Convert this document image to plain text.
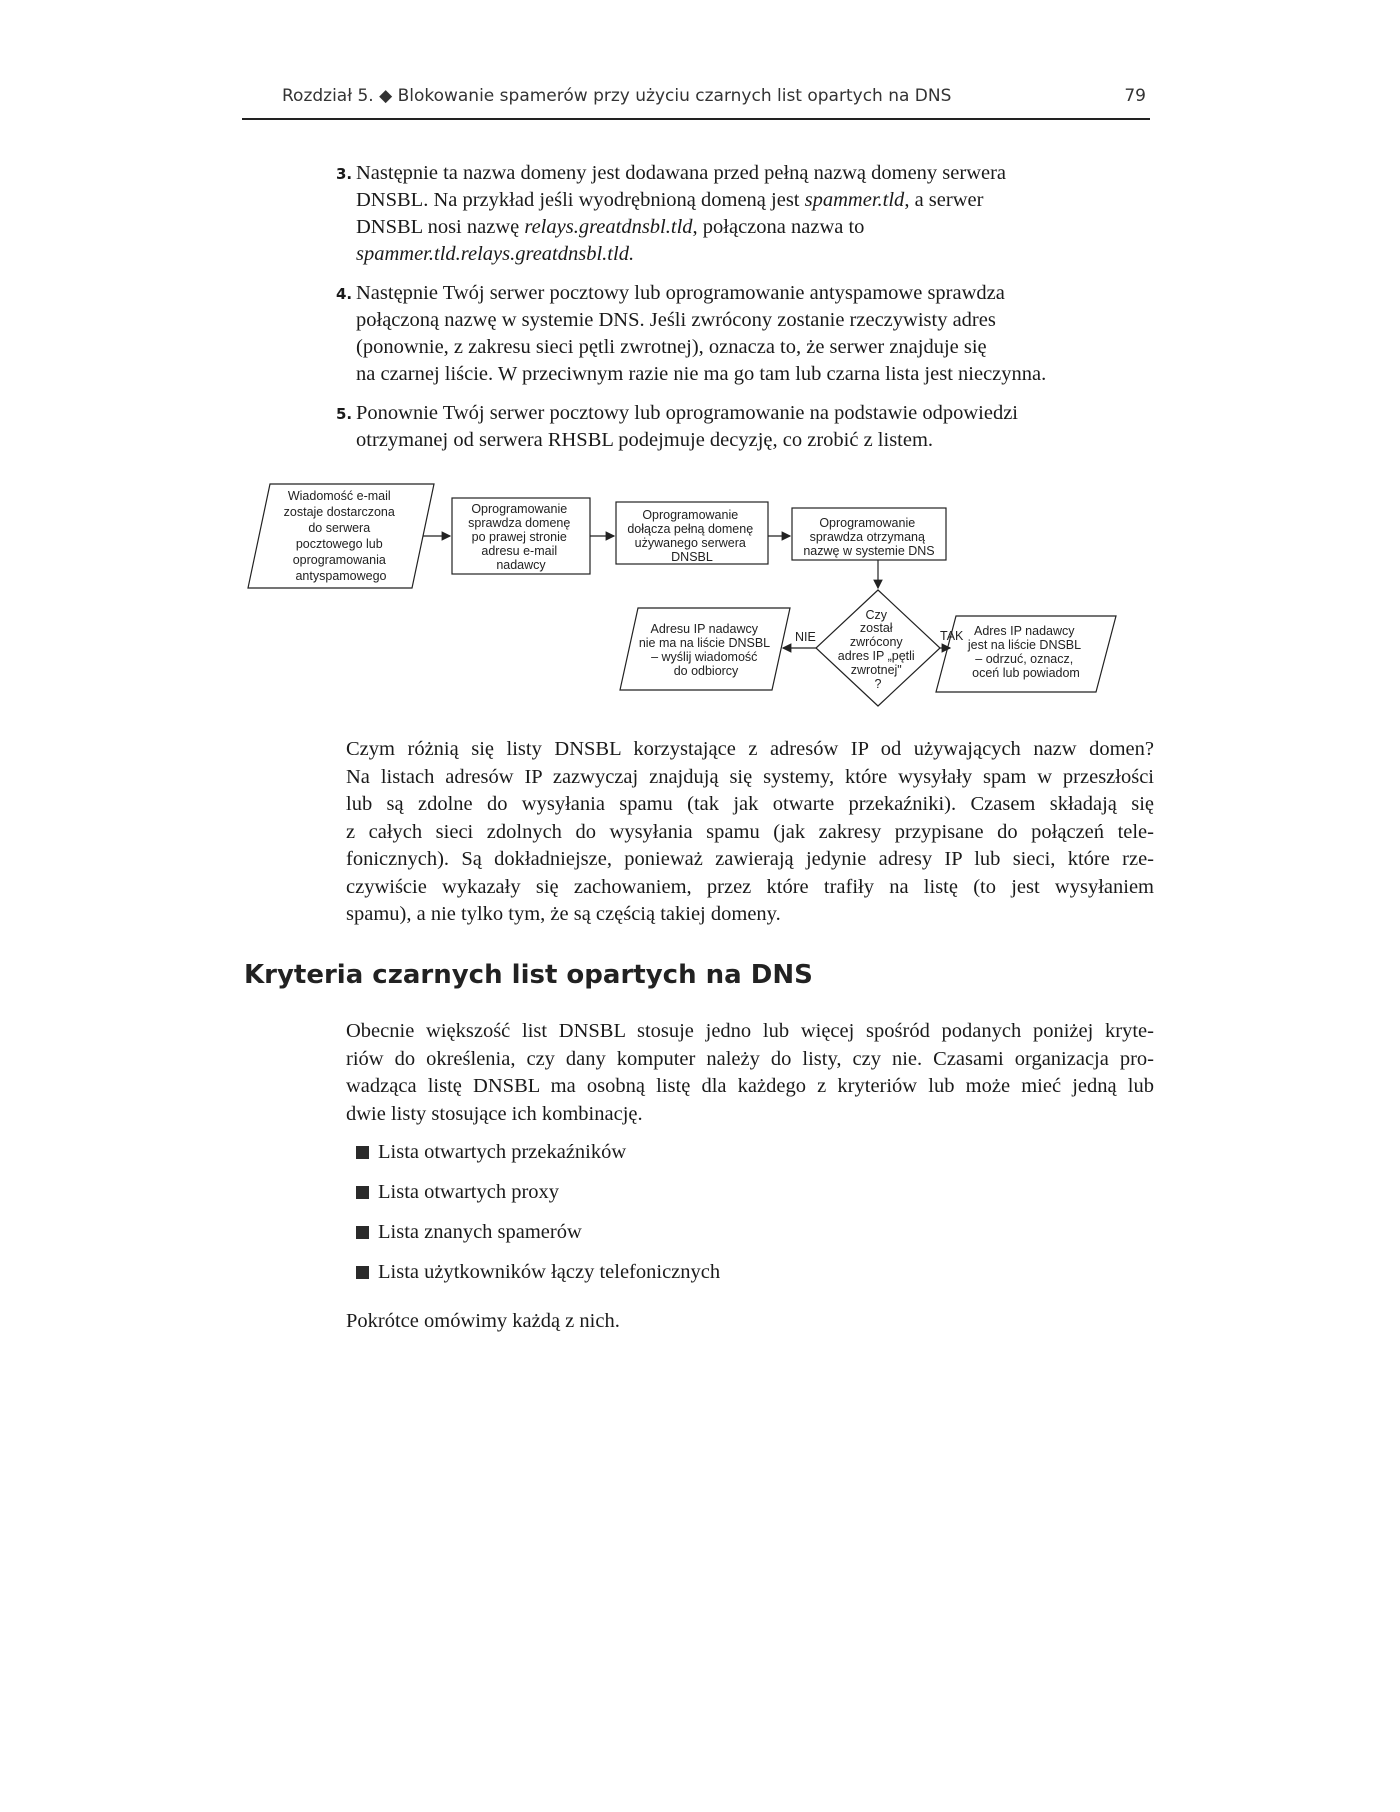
Rozdział 5. ◆ Blokowanie spamerów przy użyciu czarnych list opartych na DNS	79
3. Następnie ta nazwa domeny jest dodawana przed pełną nazwą domeny serwera
DNSBL. Na przykład jeśli wyodrębnioną domeną jest spammer.tld, a serwer
DNSBL nosi nazwę relays.greatdnsbl.tld, połączona nazwa to
spammer.tld.relays.greatdnsbl.tld.
4. Następnie Twój serwer pocztowy lub oprogramowanie antyspamowe sprawdza
połączoną nazwę w systemie DNS. Jeśli zwrócony zostanie rzeczywisty adres
(ponownie, z zakresu sieci pętli zwrotnej), oznacza to, że serwer znajduje się
na czarnej liście. W przeciwnym razie nie ma go tam lub czarna lista jest nieczynna.
5. Ponownie Twój serwer pocztowy lub oprogramowanie na podstawie odpowiedzi
otrzymanej od serwera RHSBL podejmuje decyzję, co zrobić z listem.
Wiadomość e-mail zostaje dostarczona do serwera pocztowego lub oprogramowania antyspamowego
Oprogramowanie sprawdza domenę po prawej stronie adresu e-mail nadawcy
Oprogramowanie dołącza pełną domenę używanego serwera DNSBL
Oprogramowanie sprawdza otrzymaną nazwę w systemie DNS
Czy został zwrócony adres IP „pętli zwrotnej" ?
NIE	TAK
Adresu IP nadawcy nie ma na liście DNSBL – wyślij wiadomość do odbiorcy
Adres IP nadawcy jest na liście DNSBL – odrzuć, oznacz, oceń lub powiadom
Czym różnią się listy DNSBL korzystające z adresów IP od używających nazw domen?
Na listach adresów IP zazwyczaj znajdują się systemy, które wysyłały spam w przeszłości
lub są zdolne do wysyłania spamu (tak jak otwarte przekaźniki). Czasem składają się
z całych sieci zdolnych do wysyłania spamu (jak zakresy przypisane do połączeń tele-
fonicznych). Są dokładniejsze, ponieważ zawierają jedynie adresy IP lub sieci, które rze-
czywiście wykazały się zachowaniem, przez które trafiły na listę (to jest wysyłaniem
spamu), a nie tylko tym, że są częścią takiej domeny.
Kryteria czarnych list opartych na DNS
Obecnie większość list DNSBL stosuje jedno lub więcej spośród podanych poniżej kryte-
riów do określenia, czy dany komputer należy do listy, czy nie. Czasami organizacja pro-
wadząca listę DNSBL ma osobną listę dla każdego z kryteriów lub może mieć jedną lub
dwie listy stosujące ich kombinację.
Lista otwartych przekaźników
Lista otwartych proxy
Lista znanych spamerów
Lista użytkowników łączy telefonicznych
Pokrótce omówimy każdą z nich.
